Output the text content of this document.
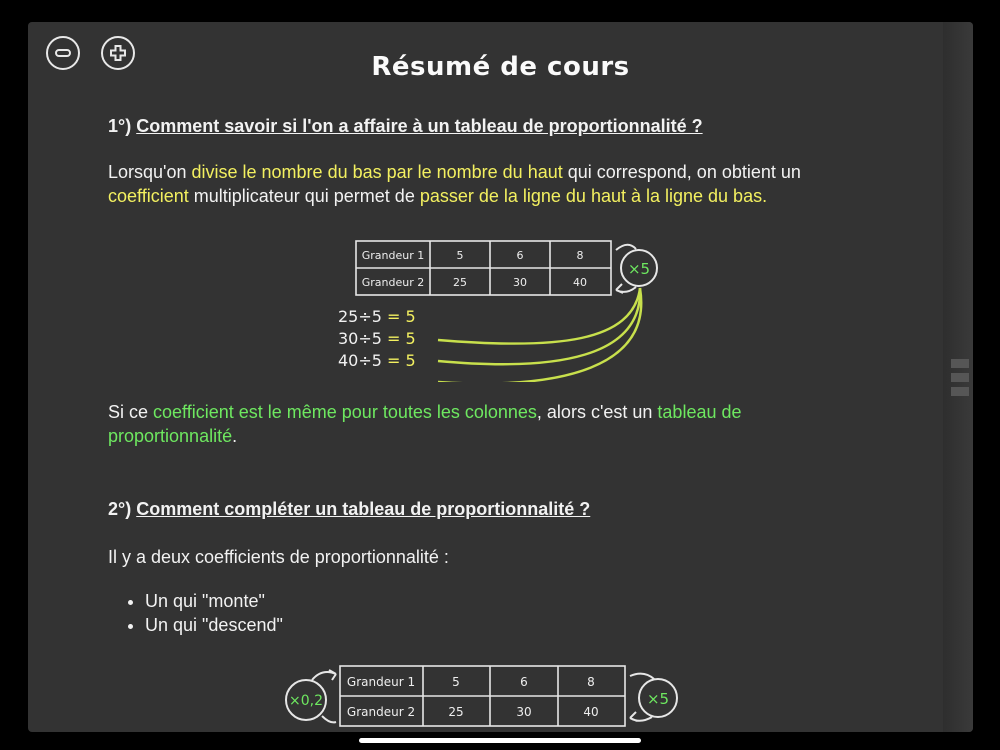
Résumé de cours
1°) Comment savoir si l'on a affaire à un tableau de proportionnalité ?
Lorsqu'on divise le nombre du bas par le nombre du haut qui correspond, on obtient un coefficient multiplicateur qui permet de passer de la ligne du haut à la ligne du bas.
Grandeur 1	5	6	8
Grandeur 2	25	30	40
×5
25÷5 = 5
30÷5 = 5
40÷5 = 5
Si ce coefficient est le même pour toutes les colonnes, alors c'est un tableau de proportionnalité.
2°) Comment compléter un tableau de proportionnalité ?
Il y a deux coefficients de proportionnalité :
• Un qui "monte"
• Un qui "descend"
Grandeur 1	5	6	8
Grandeur 2	25	30	40
×0,2	×5
